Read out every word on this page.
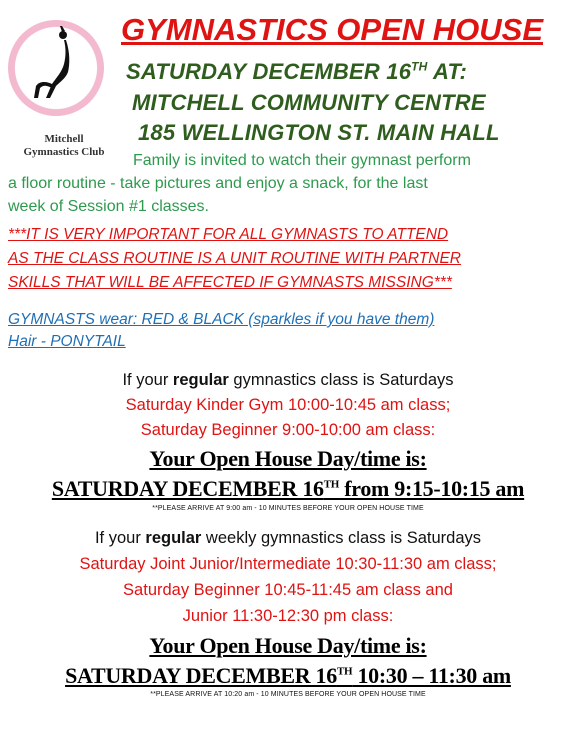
Mitchell
Gymnastics Club
GYMNASTICS OPEN HOUSE
SATURDAY DECEMBER 16TH AT:
MITCHELL COMMUNITY CENTRE
185 WELLINGTON ST. MAIN HALL
Family is invited to watch their gymnast perform
a floor routine - take pictures and enjoy a snack, for the last
week of Session #1 classes.
***IT IS VERY IMPORTANT FOR ALL GYMNASTS TO ATTEND
AS THE CLASS ROUTINE IS A UNIT ROUTINE WITH PARTNER
SKILLS THAT WILL BE AFFECTED IF GYMNASTS MISSING***
GYMNASTS wear: RED & BLACK (sparkles if you have them)
Hair - PONYTAIL
If your regular gymnastics class is Saturdays
Saturday Kinder Gym 10:00-10:45 am class;
Saturday Beginner 9:00-10:00 am class:
Your Open House Day/time is:
SATURDAY DECEMBER 16TH from 9:15-10:15 am
**PLEASE ARRIVE AT 9:00 am - 10 MINUTES BEFORE YOUR OPEN HOUSE TIME
If your regular weekly gymnastics class is Saturdays
Saturday Joint Junior/Intermediate 10:30-11:30 am class;
Saturday Beginner 10:45-11:45 am class and
Junior 11:30-12:30 pm class:
Your Open House Day/time is:
SATURDAY DECEMBER 16TH 10:30 – 11:30 am
**PLEASE ARRIVE AT 10:20 am - 10 MINUTES BEFORE YOUR OPEN HOUSE TIME
